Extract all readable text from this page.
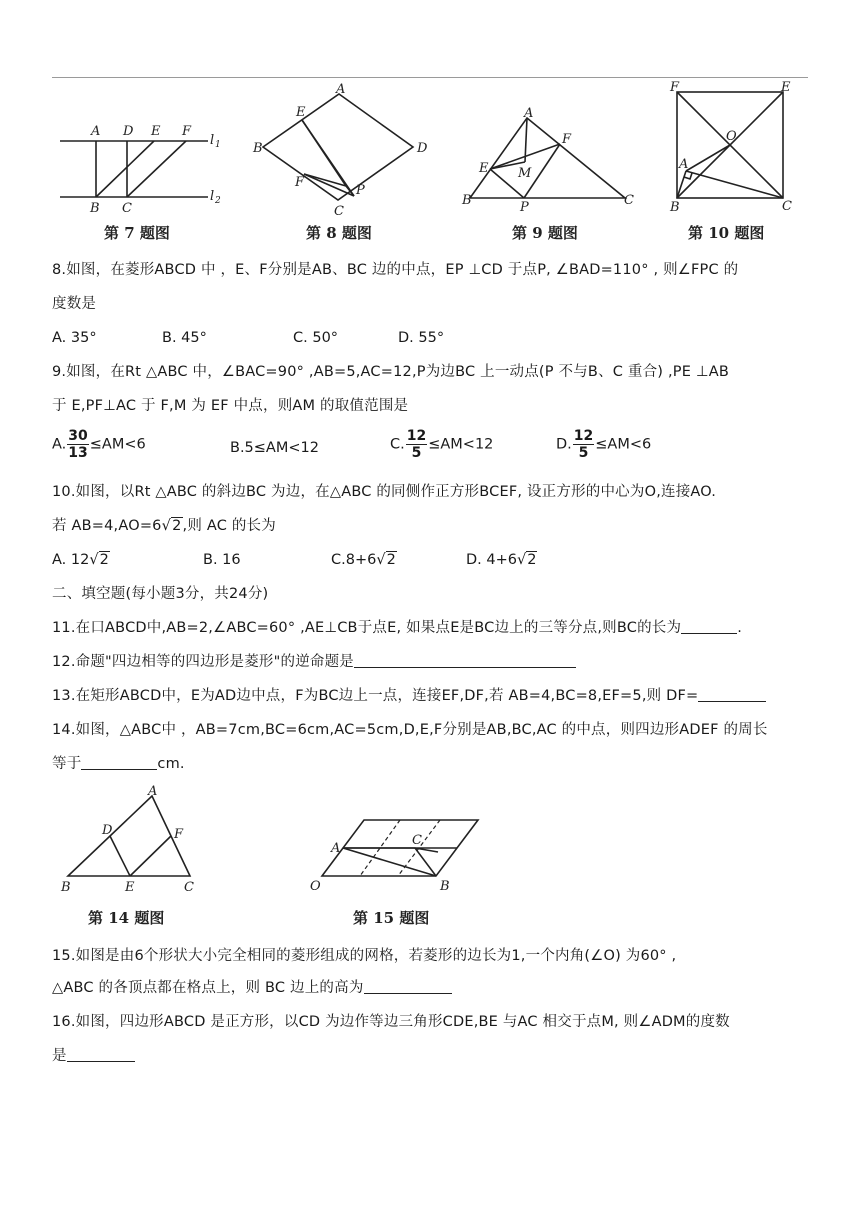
A D E F
B C
l 1
l 2
第 7 题图
A
E
B	D
F
C
P
第 8 题图
A
F
E M
B	P	C
第 9 题图
F	E
O
A
B	C
第 10 题图
8.如图，在菱形ABCD 中 ，E、F分别是AB、BC 边的中点，EP ⊥CD 于点P, ∠BAD=110° , 则∠FPC 的
度数是
A. 35°	B. 45°	C. 50°	D. 55°
9.如图，在Rt △ABC 中，∠BAC=90° ,AB=5,AC=12,P为边BC 上一动点(P 不与B、C 重合) ,PE ⊥AB
于 E,PF⊥AC 于 F,M 为 EF 中点，则AM 的取值范围是
A. $\frac{30}{13} \le AM<6$	B.5≤AM<12	C. $\frac{12}{5} \le AM<12$	D. $\frac{12}{5} \le AM<6$
10.如图，以Rt △ABC 的斜边BC 为边，在△ABC 的同侧作正方形BCEF, 设正方形的中心为O,连接AO.
若 AB=4,AO=6√2,则 AC 的长为
A. 12√2	B. 16	C.8+6√2	D. 4+6√2
二、填空题(每小题3分，共24分)
11.在口ABCD中,AB=2,∠ABC=60° ,AE⊥CB于点E, 如果点E是BC边上的三等分点,则BC的长为	.
12.命题"四边相等的四边形是菱形"的逆命题是
13.在矩形ABCD中，E为AD边中点，F为BC边上一点，连接EF,DF,若 AB=4,BC=8,EF=5,则 DF=
14.如图，△ABC中 ，AB=7cm,BC=6cm,AC=5cm,D,E,F分别是AB,BC,AC 的中点，则四边形ADEF 的周长
等于	cm.
A
D	F
B	E	C
第 14 题图
A
C
O	B
第 15 题图
15.如图是由6个形状大小完全相同的菱形组成的网格，若菱形的边长为1,一个内角(∠O) 为60° ,
△ABC 的各顶点都在格点上，则 BC 边上的高为
16.如图，四边形ABCD 是正方形，以CD 为边作等边三角形CDE,BE 与AC 相交于点M, 则∠ADM的度数
是
